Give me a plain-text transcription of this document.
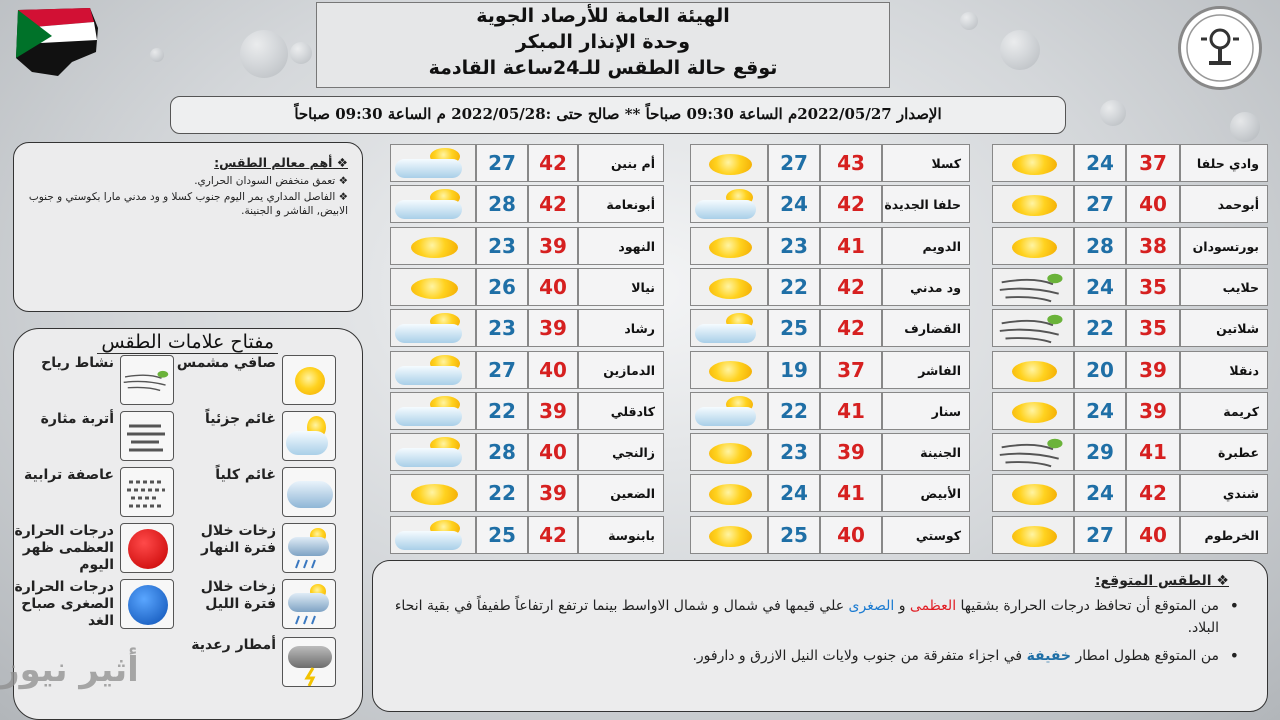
الهيئة العامة للأرصاد الجوية
وحدة الإنذار المبكر
توقع حالة الطقس للـ24ساعة القادمة
الإصدار 2022/05/27م الساعة 09:30 صباحاً ** صالح حتى :2022/05/28 م الساعة 09:30 صباحاً
❖ أهم معالم الطقس:
❖ تعمق منخفض السودان الحراري.
❖ الفاصل المداري يمر اليوم جنوب كسلا و ود مدني مارا بكوستي و جنوب الابيض, الفاشر و الجنينة.
مفتاح علامات الطقس
صافي مشمس
غائم جزئياً
غائم كلياً
زخات خلال فترة النهار
زخات خلال فترة الليل
أمطار رعدية
نشاط رياح
أتربة مثارة
عاصفة ترابية
درجات الحرارة العظمى ظهر اليوم
درجات الحرارة الصغرى صباح الغد
27	42	أم بنين
28	42	أبونعامة
23	39	النهود
26	40	نيالا
23	39	رشاد
27	40	الدمازين
22	39	كادقلي
28	40	زالنجي
22	39	الضعين
25	42	بابنوسة
27	43	كسلا
24	42	حلفا الجديدة
23	41	الدويم
22	42	ود مدني
25	42	القضارف
19	37	الفاشر
22	41	سنار
23	39	الجنينة
24	41	الأبيض
25	40	كوستي
24	37	وادي حلفا
27	40	أبوحمد
28	38	بورتسودان
24	35	حلايب
22	35	شلاتين
20	39	دنقلا
24	39	كريمة
29	41	عطبرة
24	42	شندي
27	40	الخرطوم
❖ الطقس المتوقع:

• من المتوقع أن تحافظ درجات الحرارة بشقيها العظمى و الصغرى علي قيمها في شمال و شمال الاواسط بينما ترتفع ارتفاعاً طفيفاً في بقية انحاء البلاد.

• من المتوقع هطول امطار خفيفة في اجزاء متفرقة من جنوب ولايات النيل الازرق و دارفور.

أثير نيوز
